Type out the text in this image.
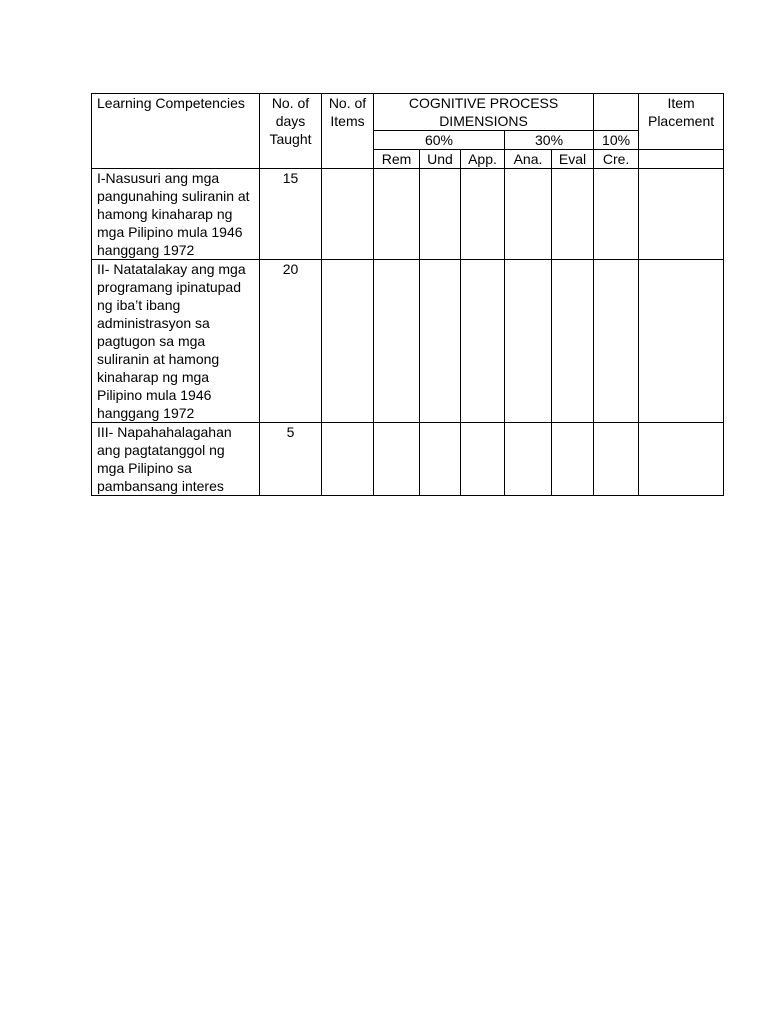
Learning Competencies	No. of days Taught	No. of Items	COGNITIVE PROCESS DIMENSIONS						Item Placement
			60%			30%		10%	
			Rem	Und	App.	Ana.	Eval	Cre.	
I-Nasusuri ang mga pangunahing suliranin at hamong kinaharap ng mga Pilipino mula 1946 hanggang 1972	15								
II- Natatalakay ang mga programang ipinatupad ng iba’t ibang administrasyon sa pagtugon sa mga suliranin at hamong kinaharap ng mga Pilipino mula 1946 hanggang 1972	20								
III- Napahahalagahan ang pagtatanggol ng mga Pilipino sa pambansang interes	5								
